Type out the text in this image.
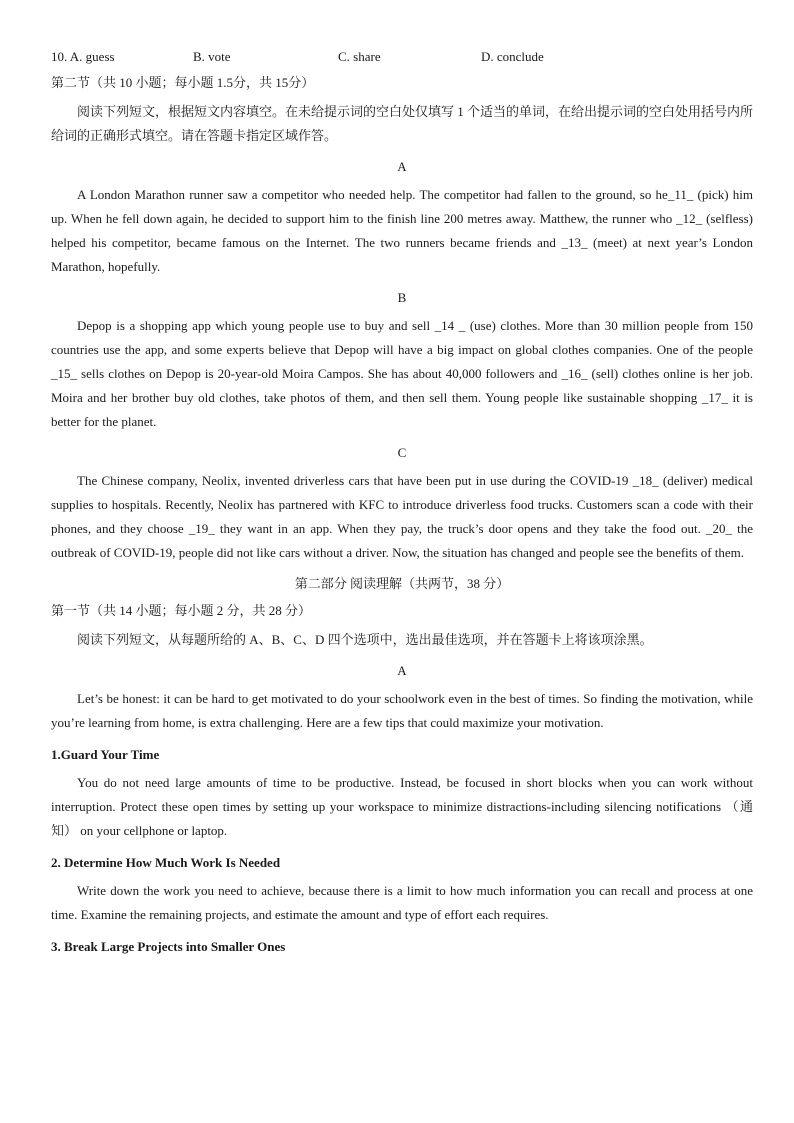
10. A. guess	B. vote	C. share	D. conclude
第二节（共 10 小题；每小题 1.5分，共 15分）

阅读下列短文，根据短文内容填空。在未给提示词的空白处仅填写 1 个适当的单词，在给出提示词的空白处用括号内所给词的正确形式填空。请在答题卡指定区域作答。

A

A London Marathon runner saw a competitor who needed help. The competitor had fallen to the ground, so he_11_ (pick) him up. When he fell down again, he decided to support him to the finish line 200 metres away. Matthew, the runner who _12_ (selfless) helped his competitor, became famous on the Internet. The two runners became friends and _13_ (meet) at next year’s London Marathon, hopefully.

B

Depop is a shopping app which young people use to buy and sell _14 _ (use) clothes. More than 30 million people from 150 countries use the app, and some experts believe that Depop will have a big impact on global clothes companies. One of the people _15_ sells clothes on Depop is 20-year-old Moira Campos. She has about 40,000 followers and _16_ (sell) clothes online is her job. Moira and her brother buy old clothes, take photos of them, and then sell them. Young people like sustainable shopping _17_ it is better for the planet.

C

The Chinese company, Neolix, invented driverless cars that have been put in use during the COVID-19 _18_ (deliver) medical supplies to hospitals. Recently, Neolix has partnered with KFC to introduce driverless food trucks. Customers scan a code with their phones, and they choose _19_ they want in an app. When they pay, the truck’s door opens and they take the food out. _20_ the outbreak of COVID-19, people did not like cars without a driver. Now, the situation has changed and people see the benefits of them.

第二部分 阅读理解（共两节，38 分）
第一节（共 14 小题；每小题 2 分，共 28 分）

阅读下列短文，从每题所给的 A、B、C、D 四个选项中，选出最佳选项，并在答题卡上将该项涂黑。

A

Let’s be honest: it can be hard to get motivated to do your schoolwork even in the best of times. So finding the motivation, while you’re learning from home, is extra challenging. Here are a few tips that could maximize your motivation.

1.Guard Your Time

You do not need large amounts of time to be productive. Instead, be focused in short blocks when you can work without interruption. Protect these open times by setting up your workspace to minimize distractions-including silencing notifications （通知） on your cellphone or laptop.

2. Determine How Much Work Is Needed

Write down the work you need to achieve, because there is a limit to how much information you can recall and process at one time. Examine the remaining projects, and estimate the amount and type of effort each requires.

3. Break Large Projects into Smaller Ones
